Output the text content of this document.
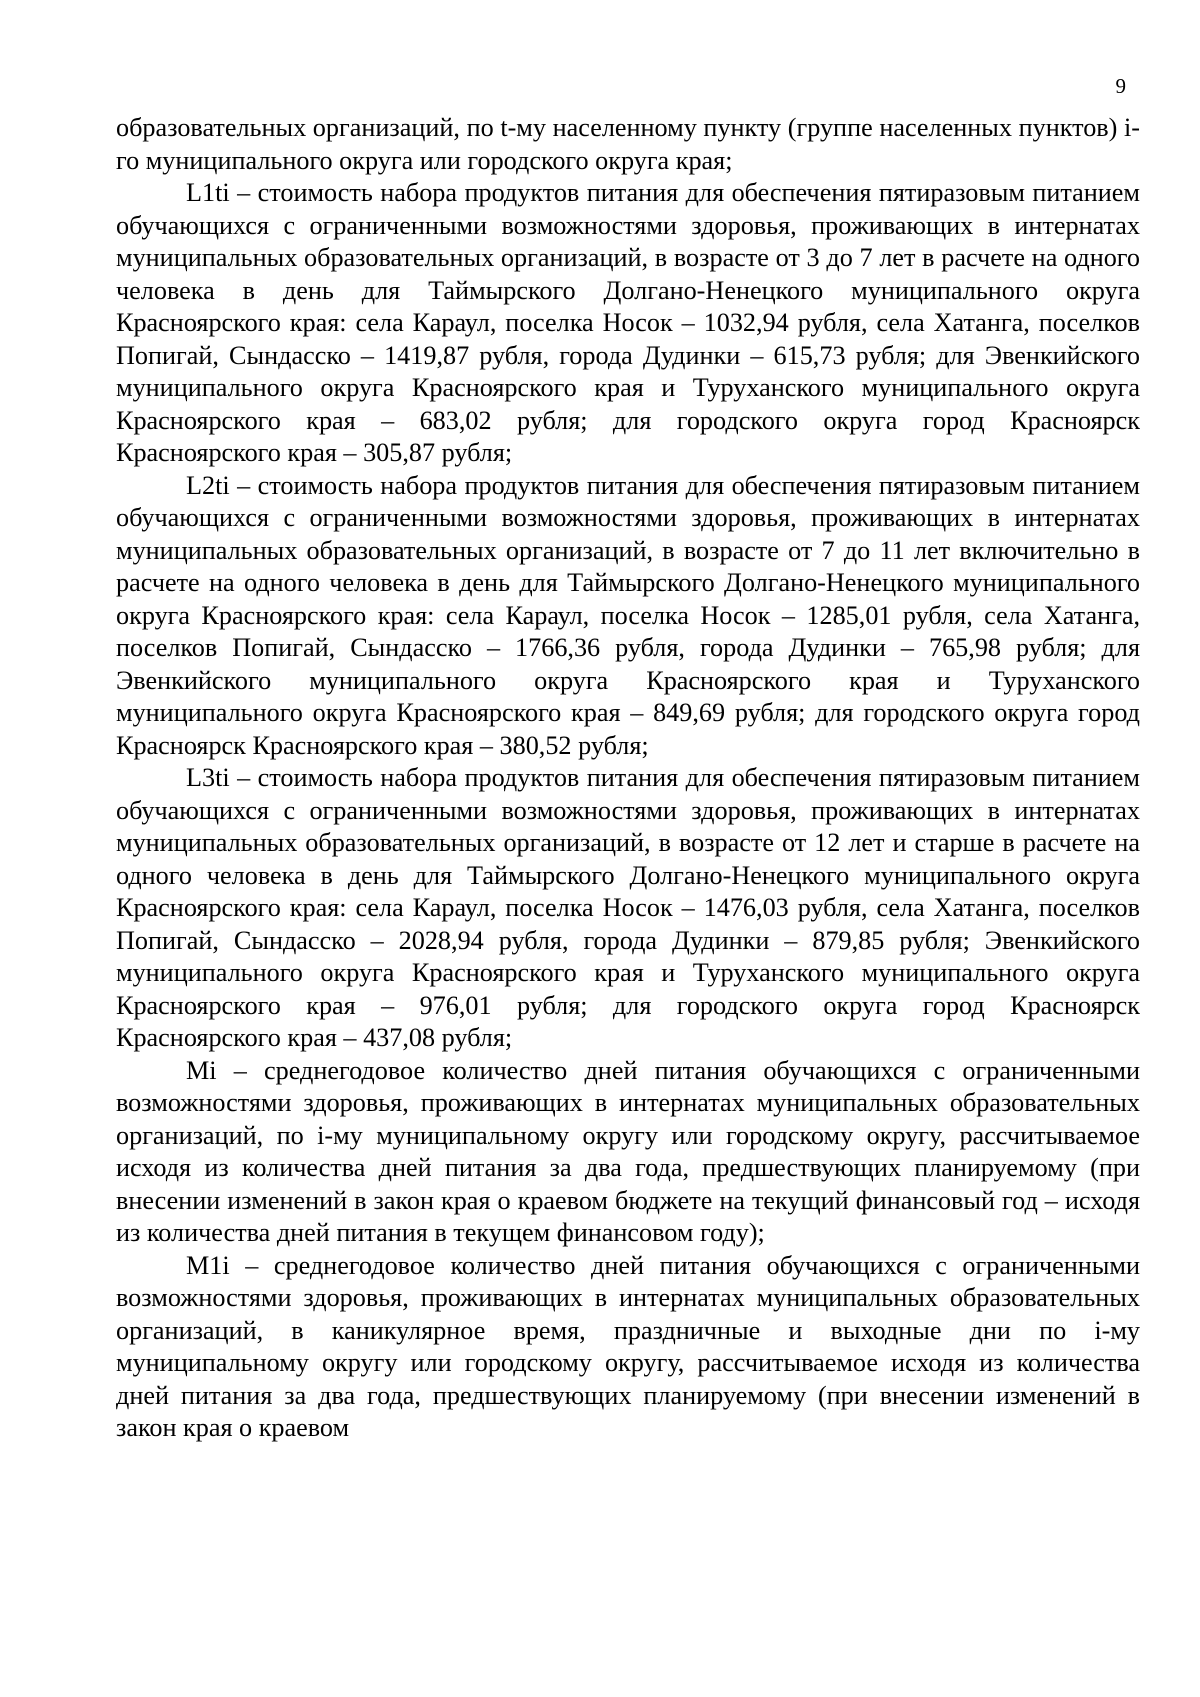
9

образовательных организаций, по t-му населенному пункту (группе населенных пунктов) i-го муниципального округа или городского округа края;

L1ti – стоимость набора продуктов питания для обеспечения пятиразовым питанием обучающихся с ограниченными возможностями здоровья, проживающих в интернатах муниципальных образовательных организаций, в возрасте от 3 до 7 лет в расчете на одного человека в день для Таймырского Долгано-Ненецкого муниципального округа Красноярского края: села Караул, поселка Носок – 1032,94 рубля, села Хатанга, поселков Попигай, Сындасско – 1419,87 рубля, города Дудинки – 615,73 рубля; для Эвенкийского муниципального округа Красноярского края и Туруханского муниципального округа Красноярского края – 683,02 рубля; для городского округа город Красноярск Красноярского края – 305,87 рубля;

L2ti – стоимость набора продуктов питания для обеспечения пятиразовым питанием обучающихся с ограниченными возможностями здоровья, проживающих в интернатах муниципальных образовательных организаций, в возрасте от 7 до 11 лет включительно в расчете на одного человека в день для Таймырского Долгано-Ненецкого муниципального округа Красноярского края: села Караул, поселка Носок – 1285,01 рубля, села Хатанга, поселков Попигай, Сындасско – 1766,36 рубля, города Дудинки – 765,98 рубля; для Эвенкийского муниципального округа Красноярского края и Туруханского муниципального округа Красноярского края – 849,69 рубля; для городского округа город Красноярск Красноярского края – 380,52 рубля;

L3ti – стоимость набора продуктов питания для обеспечения пятиразовым питанием обучающихся с ограниченными возможностями здоровья, проживающих в интернатах муниципальных образовательных организаций, в возрасте от 12 лет и старше в расчете на одного человека в день для Таймырского Долгано-Ненецкого муниципального округа Красноярского края: села Караул, поселка Носок – 1476,03 рубля, села Хатанга, поселков Попигай, Сындасско – 2028,94 рубля, города Дудинки – 879,85 рубля; Эвенкийского муниципального округа Красноярского края и Туруханского муниципального округа Красноярского края – 976,01 рубля; для городского округа город Красноярск Красноярского края – 437,08 рубля;

Mi – среднегодовое количество дней питания обучающихся с ограниченными возможностями здоровья, проживающих в интернатах муниципальных образовательных организаций, по i-му муниципальному округу или городскому округу, рассчитываемое исходя из количества дней питания за два года, предшествующих планируемому (при внесении изменений в закон края о краевом бюджете на текущий финансовый год – исходя из количества дней питания в текущем финансовом году);

M1i – среднегодовое количество дней питания обучающихся с ограниченными возможностями здоровья, проживающих в интернатах муниципальных образовательных организаций, в каникулярное время, праздничные и выходные дни по i-му муниципальному округу или городскому округу, рассчитываемое исходя из количества дней питания за два года, предшествующих планируемому (при внесении изменений в закон края о краевом
